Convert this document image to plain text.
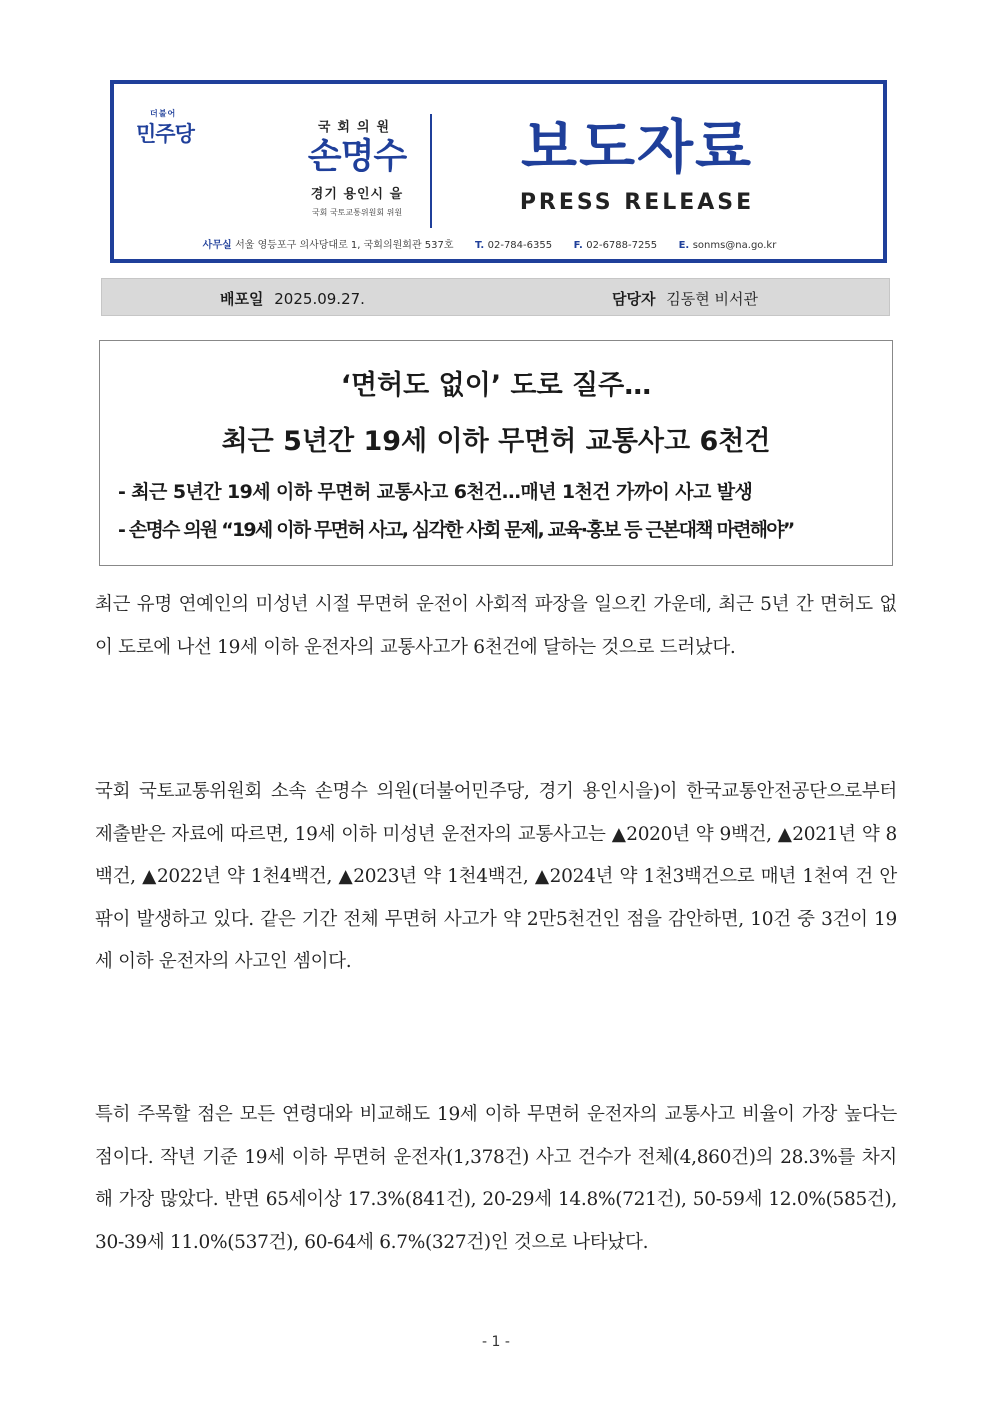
더불어
민주당	국회의원
손명수
경기 용인시 을
국회 국토교통위원회 위원
보도자료
PRESS RELEASE
사무실 서울 영등포구 의사당대로 1, 국회의원회관 537호 T. 02-784-6355 F. 02-6788-7255 E. sonms@na.go.kr
배포일 2025.09.27.	담당자 김동현 비서관
‘면허도 없이’ 도로 질주…
최근 5년간 19세 이하 무면허 교통사고 6천건
- 최근 5년간 19세 이하 무면허 교통사고 6천건…매년 1천건 가까이 사고 발생
- 손명수 의원 “19세 이하 무면허 사고, 심각한 사회 문제, 교육·홍보 등 근본대책 마련해야”
최근 유명 연예인의 미성년 시절 무면허 운전이 사회적 파장을 일으킨 가운데, 최근 5년 간 면허도 없이 도로에 나선 19세 이하 운전자의 교통사고가 6천건에 달하는 것으로 드러났다.
국회 국토교통위원회 소속 손명수 의원(더불어민주당, 경기 용인시을)이 한국교통안전공단으로부터 제출받은 자료에 따르면, 19세 이하 미성년 운전자의 교통사고는 ▲2020년 약 9백건, ▲2021년 약 8백건, ▲2022년 약 1천4백건, ▲2023년 약 1천4백건, ▲2024년 약 1천3백건으로 매년 1천여 건 안팎이 발생하고 있다. 같은 기간 전체 무면허 사고가 약 2만5천건인 점을 감안하면, 10건 중 3건이 19세 이하 운전자의 사고인 셈이다.
특히 주목할 점은 모든 연령대와 비교해도 19세 이하 무면허 운전자의 교통사고 비율이 가장 높다는 점이다. 작년 기준 19세 이하 무면허 운전자(1,378건) 사고 건수가 전체(4,860건)의 28.3%를 차지해 가장 많았다. 반면 65세이상 17.3%(841건), 20-29세 14.8%(721건), 50-59세 12.0%(585건), 30-39세 11.0%(537건), 60-64세 6.7%(327건)인 것으로 나타났다.
- 1 -
